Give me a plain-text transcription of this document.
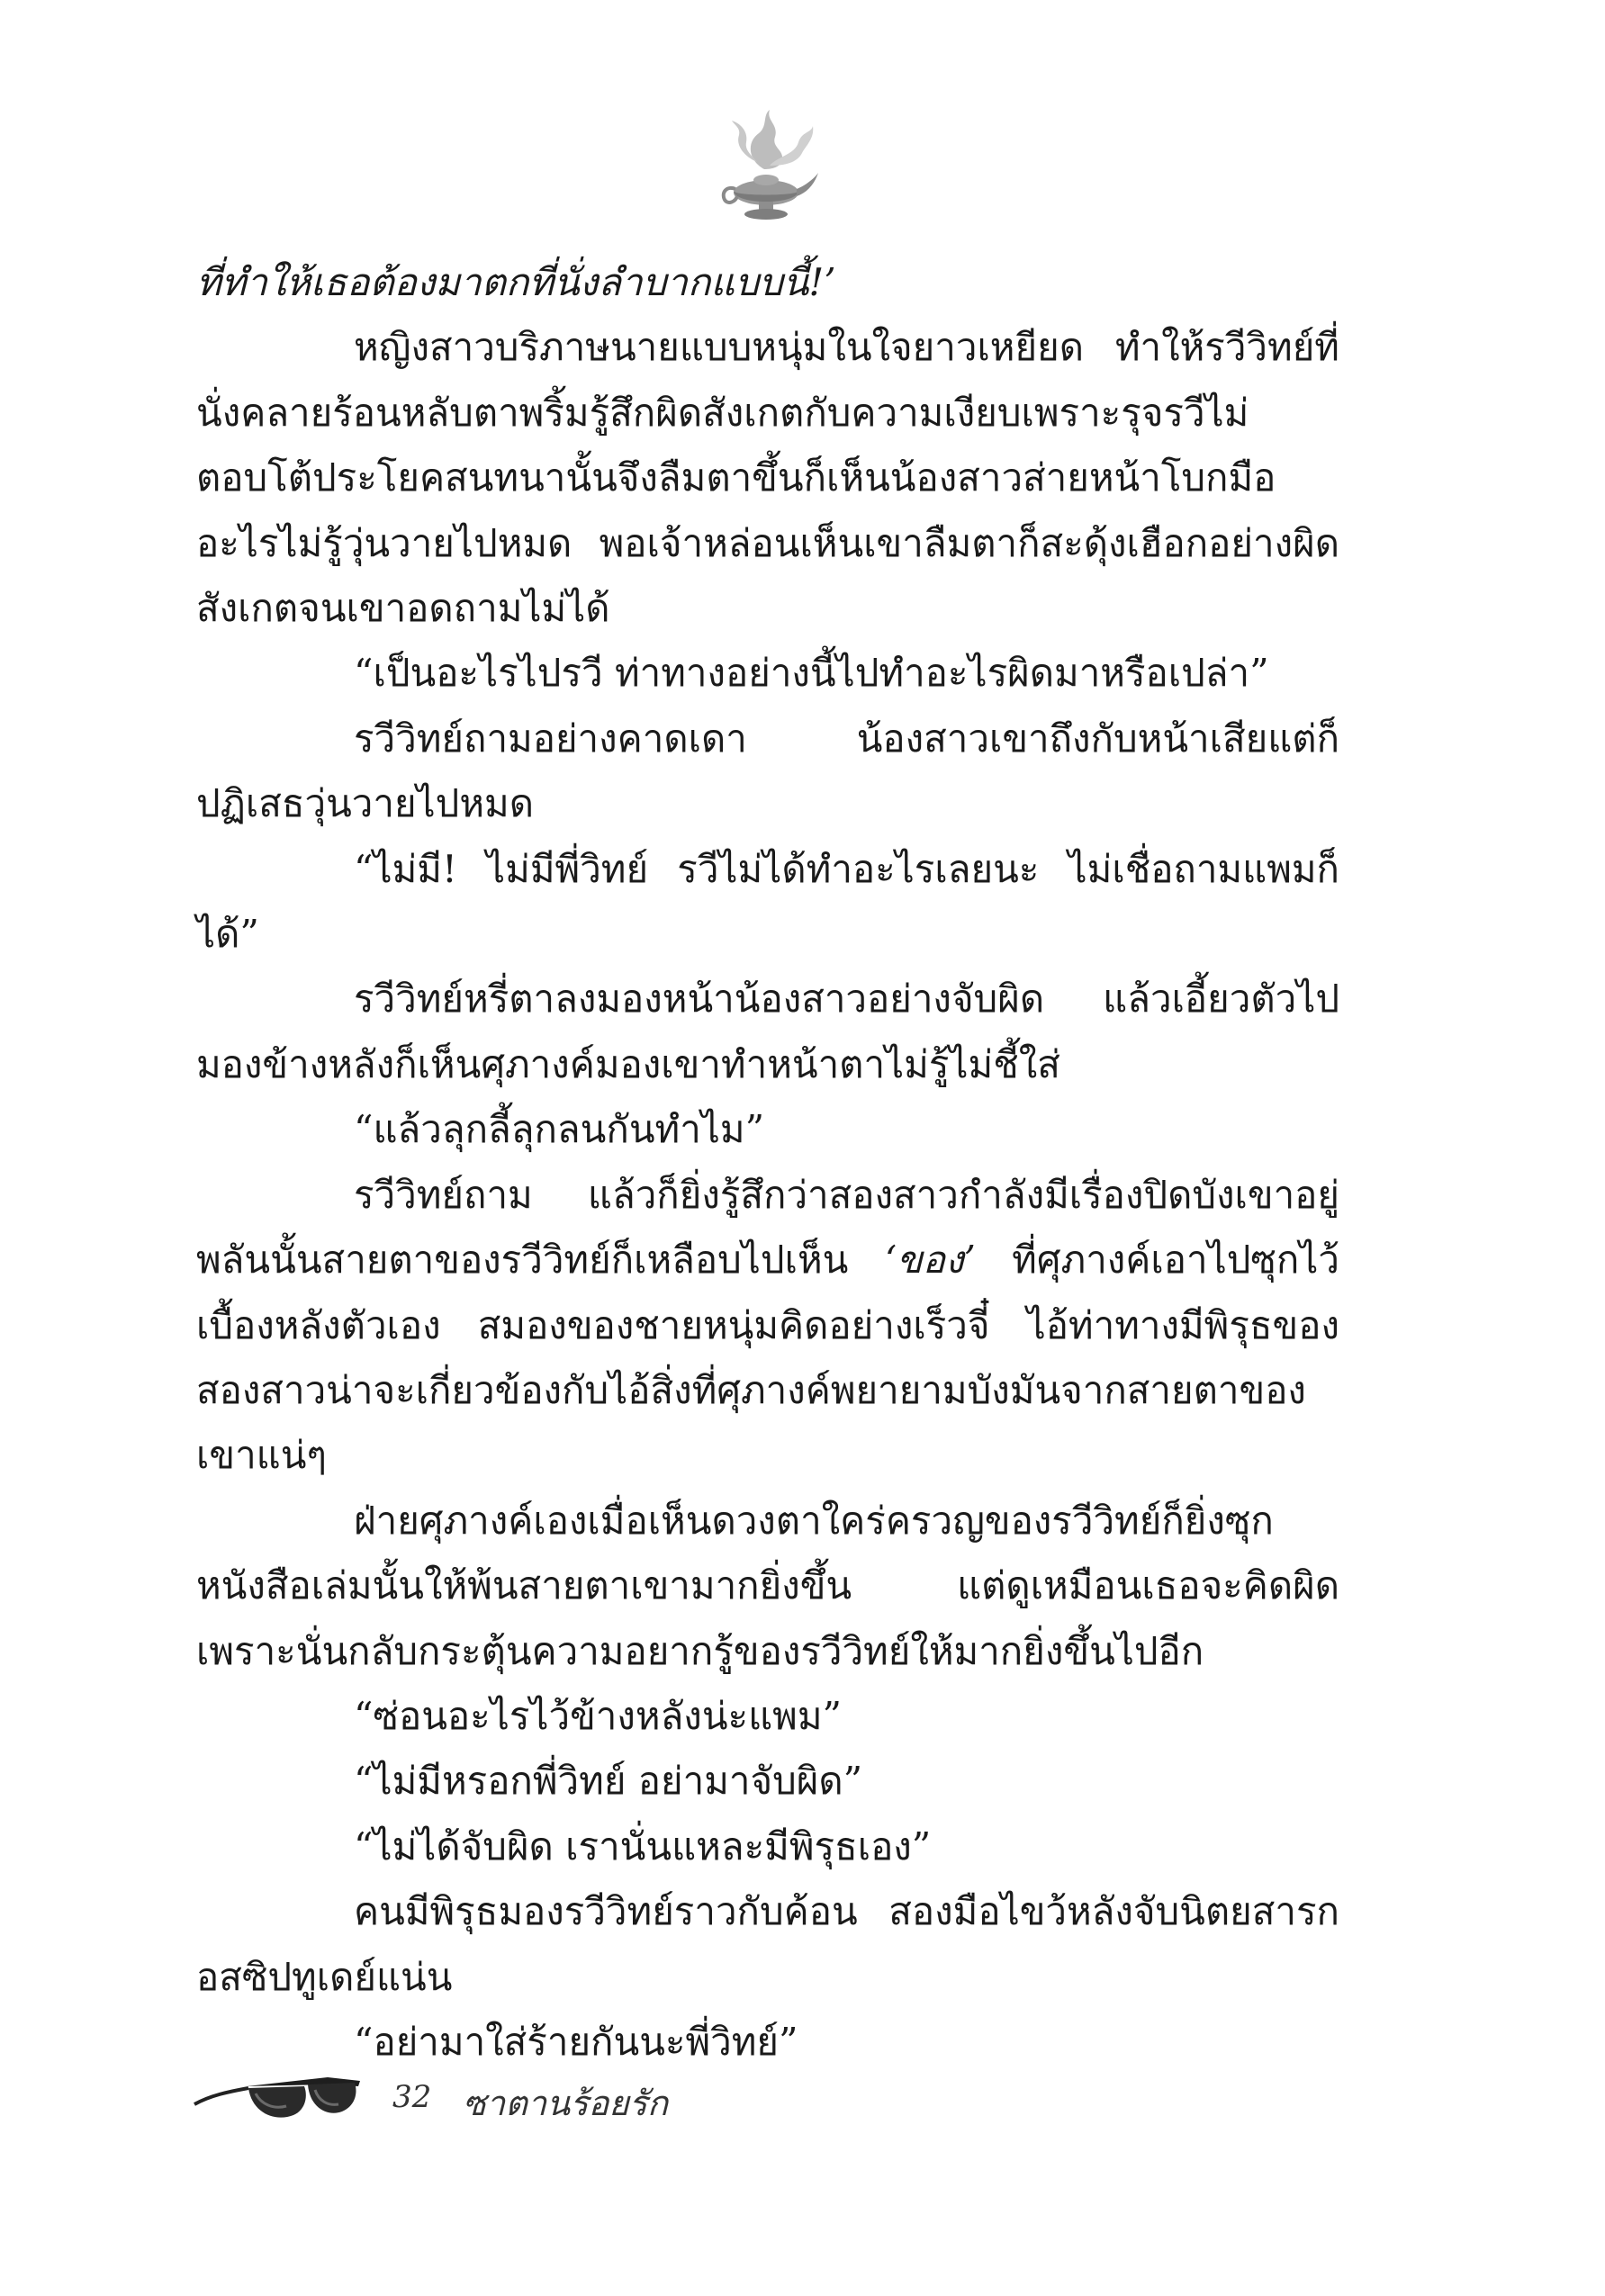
ที่ทำให้เธอต้องมาตกที่นั่งลำบากแบบนี้!’

หญิงสาวบริภาษนายแบบหนุ่มในใจยาวเหยียด ทำให้รวีวิทย์ที่นั่งคลายร้อนหลับตาพริ้มรู้สึกผิดสังเกตกับความเงียบเพราะรุจรวีไม่ตอบโต้ประโยคสนทนานั้นจึงลืมตาขึ้นก็เห็นน้องสาวส่ายหน้าโบกมืออะไรไม่รู้วุ่นวายไปหมด พอเจ้าหล่อนเห็นเขาลืมตาก็สะดุ้งเฮือกอย่างผิดสังเกตจนเขาอดถามไม่ได้

“เป็นอะไรไปรวี ท่าทางอย่างนี้ไปทำอะไรผิดมาหรือเปล่า”

รวีวิทย์ถามอย่างคาดเดา น้องสาวเขาถึงกับหน้าเสียแต่ก็ปฏิเสธวุ่นวายไปหมด

“ไม่มี! ไม่มีพี่วิทย์ รวีไม่ได้ทำอะไรเลยนะ ไม่เชื่อถามแพมก็ได้”

รวีวิทย์หรี่ตาลงมองหน้าน้องสาวอย่างจับผิด แล้วเอี้ยวตัวไปมองข้างหลังก็เห็นศุภางค์มองเขาทำหน้าตาไม่รู้ไม่ชี้ใส่

“แล้วลุกลี้ลุกลนกันทำไม”

รวีวิทย์ถาม แล้วก็ยิ่งรู้สึกว่าสองสาวกำลังมีเรื่องปิดบังเขาอยู่ พลันนั้นสายตาของรวีวิทย์ก็เหลือบไปเห็น ‘ของ’ ที่ศุภางค์เอาไปซุกไว้เบื้องหลังตัวเอง สมองของชายหนุ่มคิดอย่างเร็วจี๋ ไอ้ท่าทางมีพิรุธของสองสาวน่าจะเกี่ยวข้องกับไอ้สิ่งที่ศุภางค์พยายามบังมันจากสายตาของเขาแน่ๆ

ฝ่ายศุภางค์เองเมื่อเห็นดวงตาใคร่ครวญของรวีวิทย์ก็ยิ่งซุกหนังสือเล่มนั้นให้พ้นสายตาเขามากยิ่งขึ้น แต่ดูเหมือนเธอจะคิดผิดเพราะนั่นกลับกระตุ้นความอยากรู้ของรวีวิทย์ให้มากยิ่งขึ้นไปอีก

“ซ่อนอะไรไว้ข้างหลังน่ะแพม”

“ไม่มีหรอกพี่วิทย์ อย่ามาจับผิด”

“ไม่ได้จับผิด เรานั่นแหละมีพิรุธเอง”

คนมีพิรุธมองรวีวิทย์ราวกับค้อน สองมือไขว้หลังจับนิตยสารกอสซิปทูเดย์แน่น

“อย่ามาใส่ร้ายกันนะพี่วิทย์”

32 ซาตานร้อยรัก
